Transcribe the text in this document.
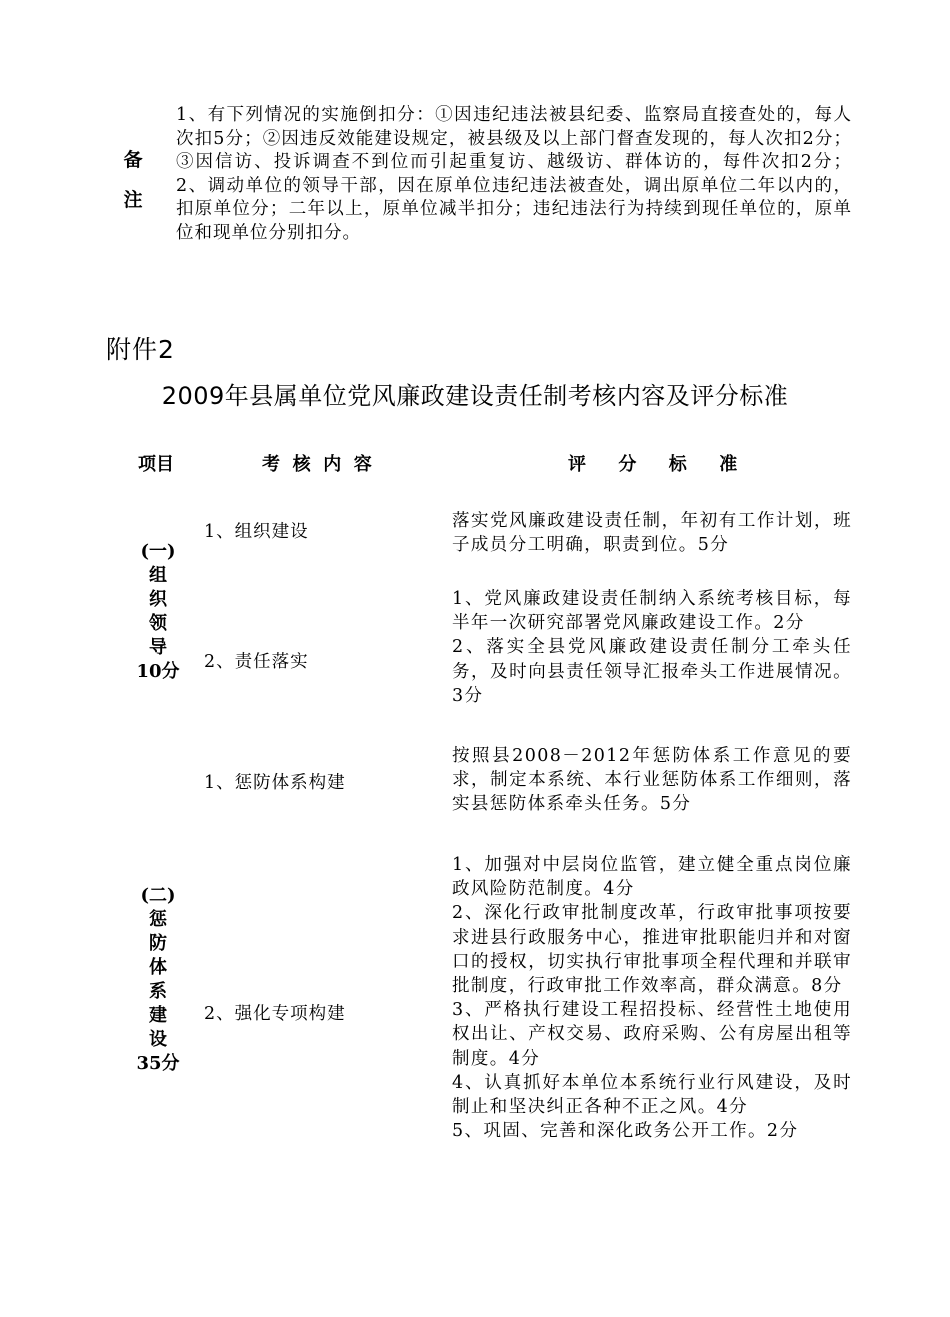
备
注
1、有下列情况的实施倒扣分：①因违纪违法被县纪委、监察局直接查处的，每人次扣5分；②因违反效能建设规定，被县级及以上部门督查发现的，每人次扣2分；③因信访、投诉调查不到位而引起重复访、越级访、群体访的，每件次扣2分； 2、调动单位的领导干部，因在原单位违纪违法被查处，调出原单位二年以内的，扣原单位分；二年以上，原单位减半扣分；违纪违法行为持续到现任单位的，原单位和现单位分别扣分。
附件2
2009年县属单位党风廉政建设责任制考核内容及评分标准
项目	考核内容	评分标准
(一)
组
织
领
导
10分
1、组织建设

落实党风廉政建设责任制，年初有工作计划，班子成员分工明确，职责到位。5分

2、责任落实

1、党风廉政建设责任制纳入系统考核目标，每半年一次研究部署党风廉政建设工作。2分

2、落实全县党风廉政建设责任制分工牵头任务，及时向县责任领导汇报牵头工作进展情况。3分

(二)
惩
防
体
系
建
设
35分
1、惩防体系构建

按照县2008－2012年惩防体系工作意见的要求，制定本系统、本行业惩防体系工作细则，落实县惩防体系牵头任务。5分

2、强化专项构建

1、加强对中层岗位监管，建立健全重点岗位廉政风险防范制度。4分

2、深化行政审批制度改革，行政审批事项按要求进县行政服务中心，推进审批职能归并和对窗口的授权，切实执行审批事项全程代理和并联审批制度，行政审批工作效率高，群众满意。8分

3、严格执行建设工程招投标、经营性土地使用权出让、产权交易、政府采购、公有房屋出租等制度。4分

4、认真抓好本单位本系统行业行风建设，及时制止和坚决纠正各种不正之风。4分

5、巩固、完善和深化政务公开工作。2分
